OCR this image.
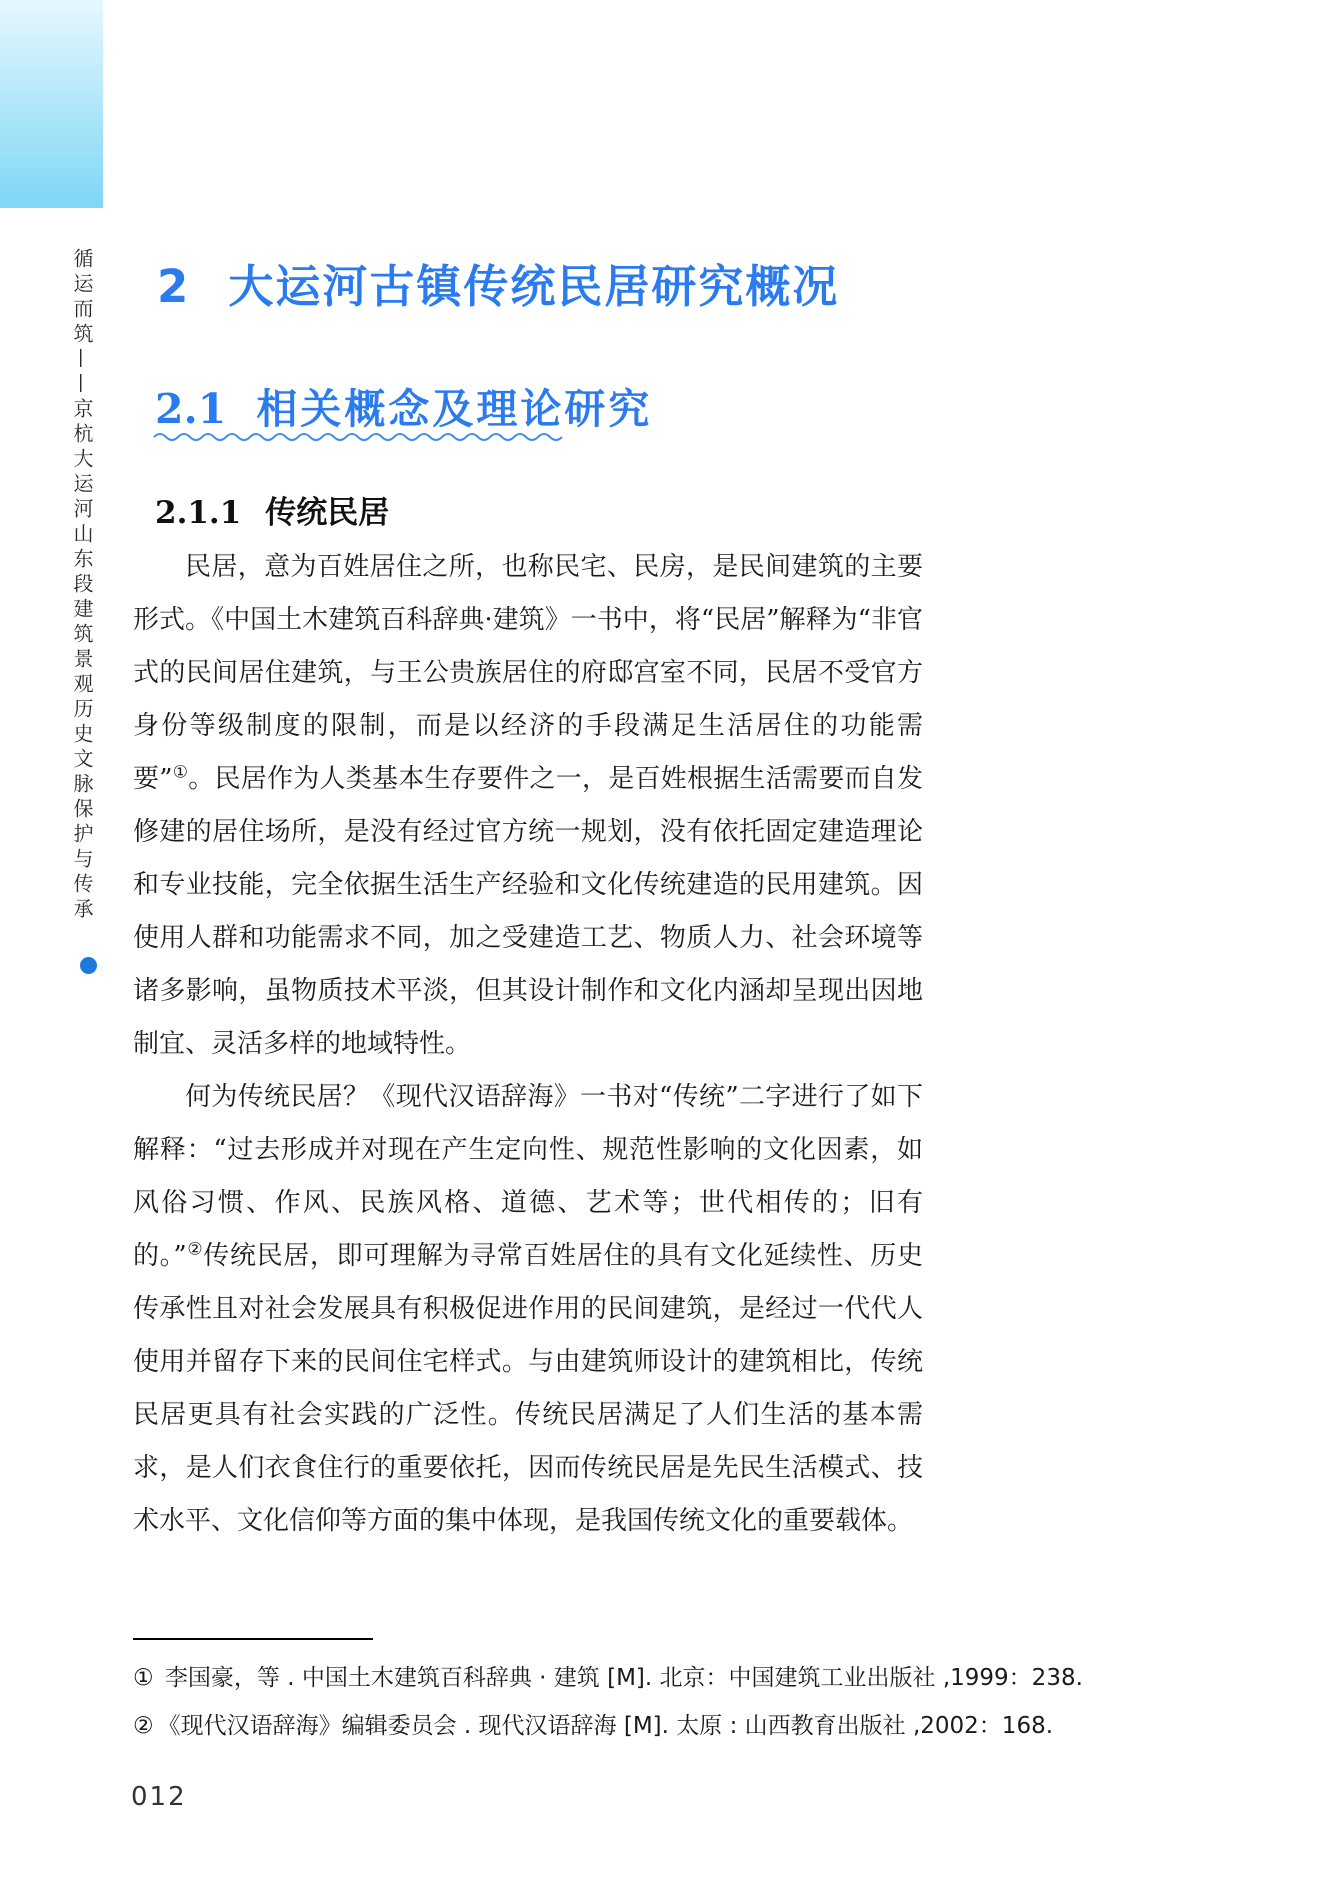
循运而筑——京杭大运河山东段建筑景观历史文脉保护与传承 2 大运河古镇传统民居研究概况
2.1 相关概念及理论研究
2.1.1 传统民居

民居，意为百姓居住之所，也称民宅、民房，是民间建筑的主要形式。《中国土木建筑百科辞典·建筑》一书中，将“民居”解释为“非官式的民间居住建筑，与王公贵族居住的府邸宫室不同，民居不受官方身份等级制度的限制，而是以经济的手段满足生活居住的功能需要”①。民居作为人类基本生存要件之一，是百姓根据生活需要而自发修建的居住场所，是没有经过官方统一规划，没有依托固定建造理论和专业技能，完全依据生活生产经验和文化传统建造的民用建筑。因使用人群和功能需求不同，加之受建造工艺、物质人力、社会环境等诸多影响，虽物质技术平淡，但其设计制作和文化内涵却呈现出因地制宜、灵活多样的地域特性。

何为传统民居？《现代汉语辞海》一书对“传统”二字进行了如下解释：“过去形成并对现在产生定向性、规范性影响的文化因素，如风俗习惯、作风、民族风格、道德、艺术等；世代相传的；旧有的。”②传统民居，即可理解为寻常百姓居住的具有文化延续性、历史传承性且对社会发展具有积极促进作用的民间建筑，是经过一代代人使用并留存下来的民间住宅样式。与由建筑师设计的建筑相比，传统民居更具有社会实践的广泛性。传统民居满足了人们生活的基本需求，是人们衣食住行的重要依托，因而传统民居是先民生活模式、技术水平、文化信仰等方面的集中体现，是我国传统文化的重要载体。

① 李国豪，等 . 中国土木建筑百科辞典 · 建筑 [M]. 北京：中国建筑工业出版社 ,1999：238.
② 《现代汉语辞海》编辑委员会 . 现代汉语辞海 [M]. 太原 : 山西教育出版社 ,2002：168.
012
